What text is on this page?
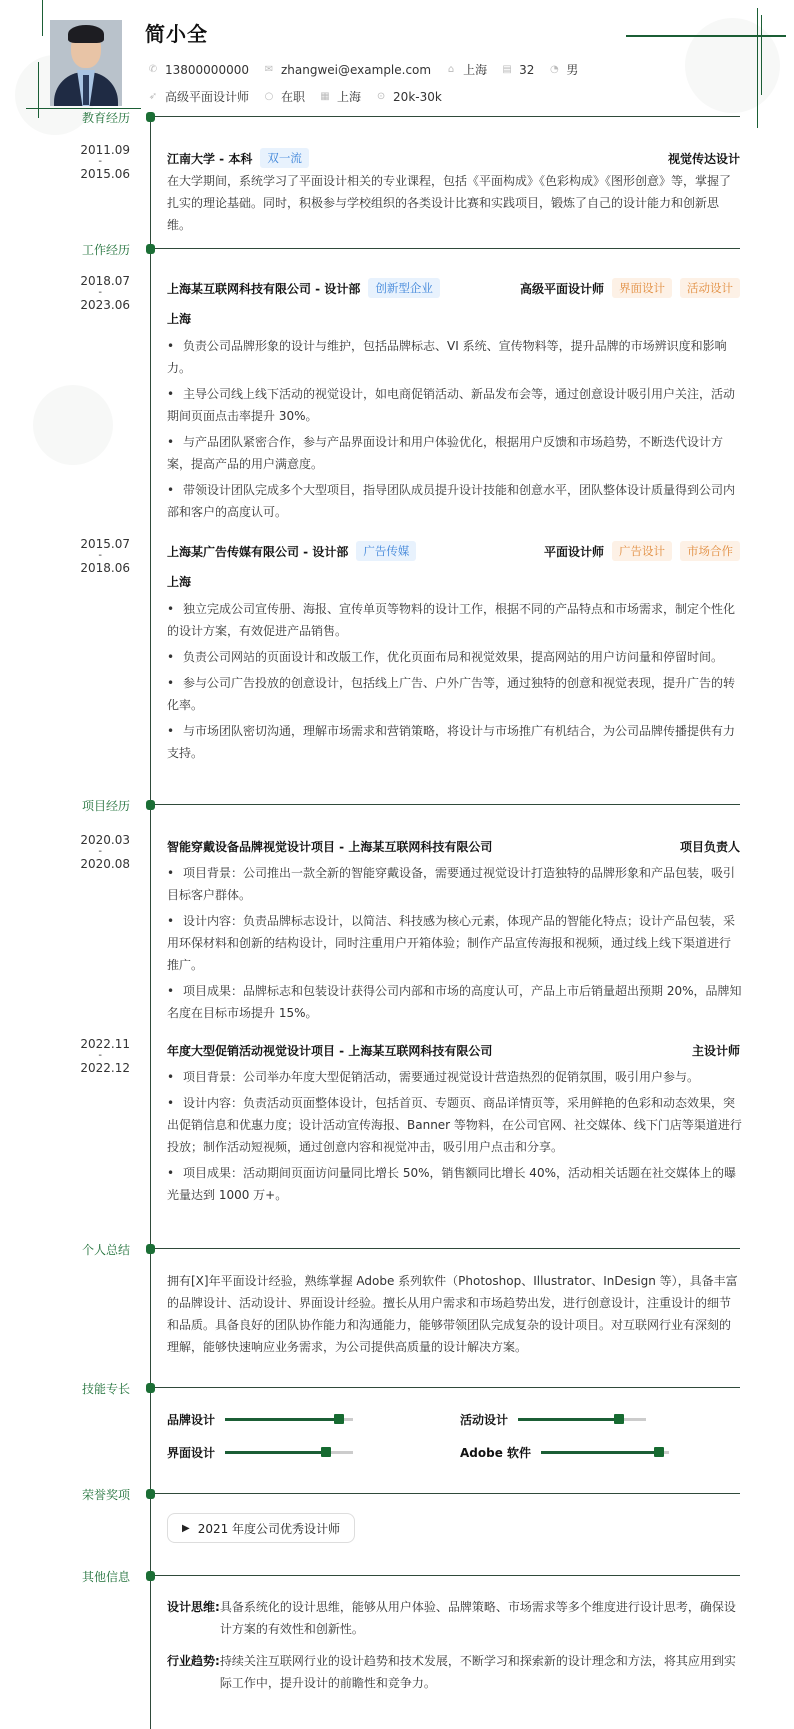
简小全
✆ 13800000000 ✉ zhangwei@example.com ⌂ 上海 ▤ 32 ◔ 男
➶ 高级平面设计师 ○ 在职 ▦ 上海 ⊙ 20k-30k
教育经历
2011.09
-
2015.06
江南大学 - 本科	双一流	视觉传达设计
在大学期间，系统学习了平面设计相关的专业课程，包括《平面构成》《色彩构成》《图形创意》等，掌握了扎实的理论基础。同时，积极参与学校组织的各类设计比赛和实践项目，锻炼了自己的设计能力和创新思维。
工作经历
2018.07
-
2023.06
上海某互联网科技有限公司 - 设计部	创新型企业	高级平面设计师	界面设计	活动设计
上海
• 负责公司品牌形象的设计与维护，包括品牌标志、VI 系统、宣传物料等，提升品牌的市场辨识度和影响力。
• 主导公司线上线下活动的视觉设计，如电商促销活动、新品发布会等，通过创意设计吸引用户关注，活动期间页面点击率提升 30%。
• 与产品团队紧密合作，参与产品界面设计和用户体验优化，根据用户反馈和市场趋势，不断迭代设计方案，提高产品的用户满意度。
• 带领设计团队完成多个大型项目，指导团队成员提升设计技能和创意水平，团队整体设计质量得到公司内部和客户的高度认可。
2015.07
-
2018.06
上海某广告传媒有限公司 - 设计部	广告传媒	平面设计师	广告设计	市场合作
上海
• 独立完成公司宣传册、海报、宣传单页等物料的设计工作，根据不同的产品特点和市场需求，制定个性化的设计方案，有效促进产品销售。
• 负责公司网站的页面设计和改版工作，优化页面布局和视觉效果，提高网站的用户访问量和停留时间。
• 参与公司广告投放的创意设计，包括线上广告、户外广告等，通过独特的创意和视觉表现，提升广告的转化率。
• 与市场团队密切沟通，理解市场需求和营销策略，将设计与市场推广有机结合，为公司品牌传播提供有力支持。
项目经历
2020.03
-
2020.08
智能穿戴设备品牌视觉设计项目 - 上海某互联网科技有限公司	项目负责人
• 项目背景：公司推出一款全新的智能穿戴设备，需要通过视觉设计打造独特的品牌形象和产品包装，吸引目标客户群体。
• 设计内容：负责品牌标志设计，以简洁、科技感为核心元素，体现产品的智能化特点；设计产品包装，采用环保材料和创新的结构设计，同时注重用户开箱体验；制作产品宣传海报和视频，通过线上线下渠道进行推广。
• 项目成果：品牌标志和包装设计获得公司内部和市场的高度认可，产品上市后销量超出预期 20%，品牌知名度在目标市场提升 15%。
2022.11
-
2022.12
年度大型促销活动视觉设计项目 - 上海某互联网科技有限公司	主设计师
• 项目背景：公司举办年度大型促销活动，需要通过视觉设计营造热烈的促销氛围，吸引用户参与。
• 设计内容：负责活动页面整体设计，包括首页、专题页、商品详情页等，采用鲜艳的色彩和动态效果，突出促销信息和优惠力度；设计活动宣传海报、Banner 等物料，在公司官网、社交媒体、线下门店等渠道进行投放；制作活动短视频，通过创意内容和视觉冲击，吸引用户点击和分享。
• 项目成果：活动期间页面访问量同比增长 50%，销售额同比增长 40%，活动相关话题在社交媒体上的曝光量达到 1000 万+。
个人总结
拥有[X]年平面设计经验，熟练掌握 Adobe 系列软件（Photoshop、Illustrator、InDesign 等），具备丰富的品牌设计、活动设计、界面设计经验。擅长从用户需求和市场趋势出发，进行创意设计，注重设计的细节和品质。具备良好的团队协作能力和沟通能力，能够带领团队完成复杂的设计项目。对互联网行业有深刻的理解，能够快速响应业务需求，为公司提供高质量的设计解决方案。
技能专长
品牌设计	活动设计
界面设计	Adobe 软件
荣誉奖项
▶ 2021 年度公司优秀设计师
其他信息
设计思维: 具备系统化的设计思维，能够从用户体验、品牌策略、市场需求等多个维度进行设计思考，确保设计方案的有效性和创新性。
行业趋势: 持续关注互联网行业的设计趋势和技术发展，不断学习和探索新的设计理念和方法，将其应用到实际工作中，提升设计的前瞻性和竞争力。
